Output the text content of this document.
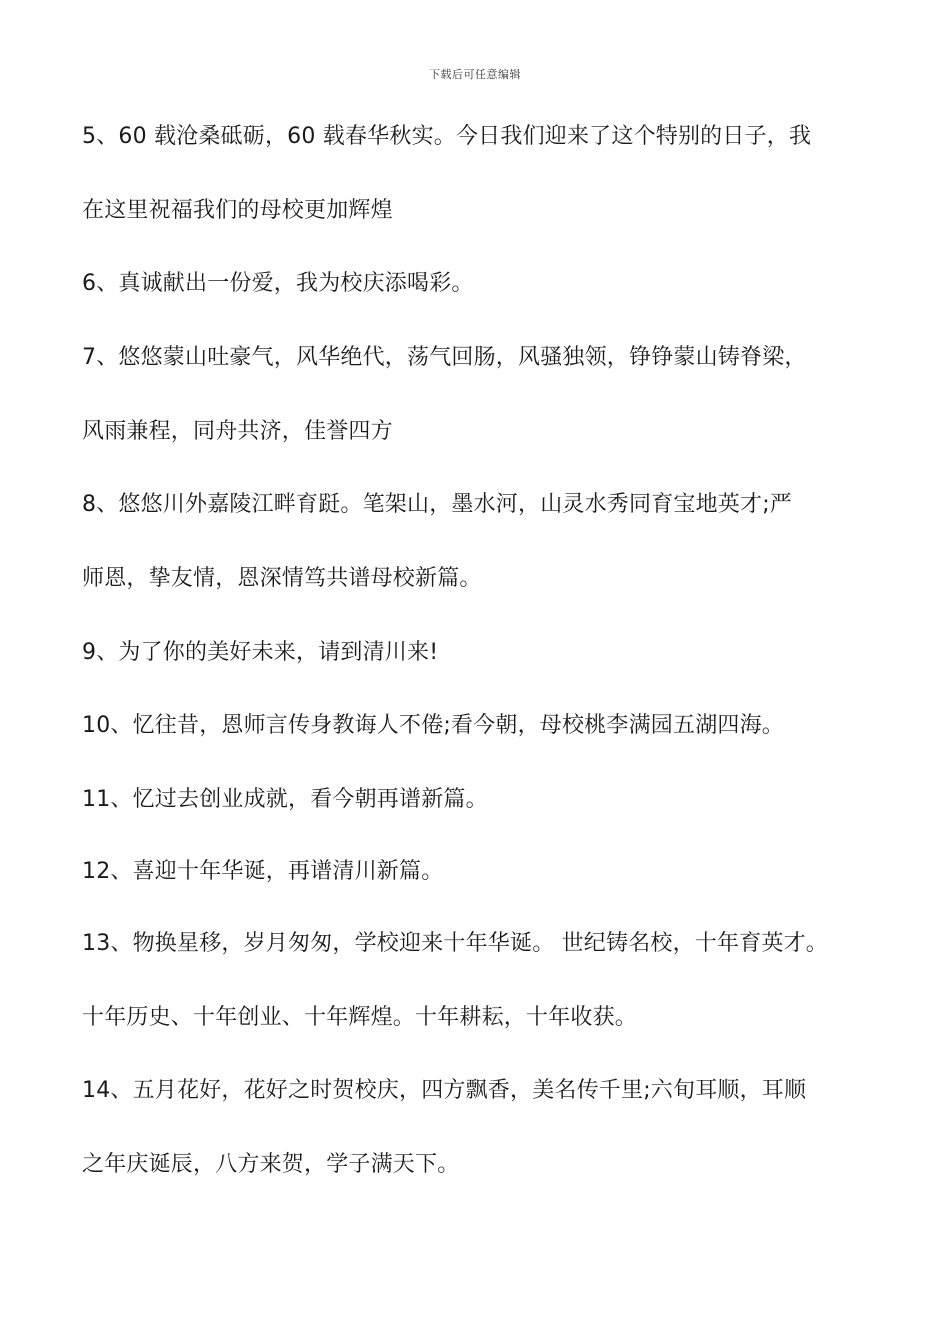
下载后可任意编辑
5、60 载沧桑砥砺，60 载春华秋实。今日我们迎来了这个特别的日子，我
在这里祝福我们的母校更加辉煌
6、真诚献出一份爱，我为校庆添喝彩。
7、悠悠蒙山吐豪气，风华绝代，荡气回肠，风骚独领，铮铮蒙山铸脊梁，
风雨兼程，同舟共济，佳誉四方
8、悠悠川外嘉陵江畔育跹。笔架山，墨水河，山灵水秀同育宝地英才;严
师恩，挚友情，恩深情笃共谱母校新篇。
9、为了你的美好未来，请到清川来!
10、忆往昔，恩师言传身教诲人不倦;看今朝，母校桃李满园五湖四海。
11、忆过去创业成就，看今朝再谱新篇。
12、喜迎十年华诞，再谱清川新篇。
13、物换星移，岁月匆匆，学校迎来十年华诞。 世纪铸名校，十年育英才。
十年历史、十年创业、十年辉煌。十年耕耘，十年收获。
14、五月花好，花好之时贺校庆，四方飘香，美名传千里;六旬耳顺，耳顺
之年庆诞辰，八方来贺，学子满天下。
